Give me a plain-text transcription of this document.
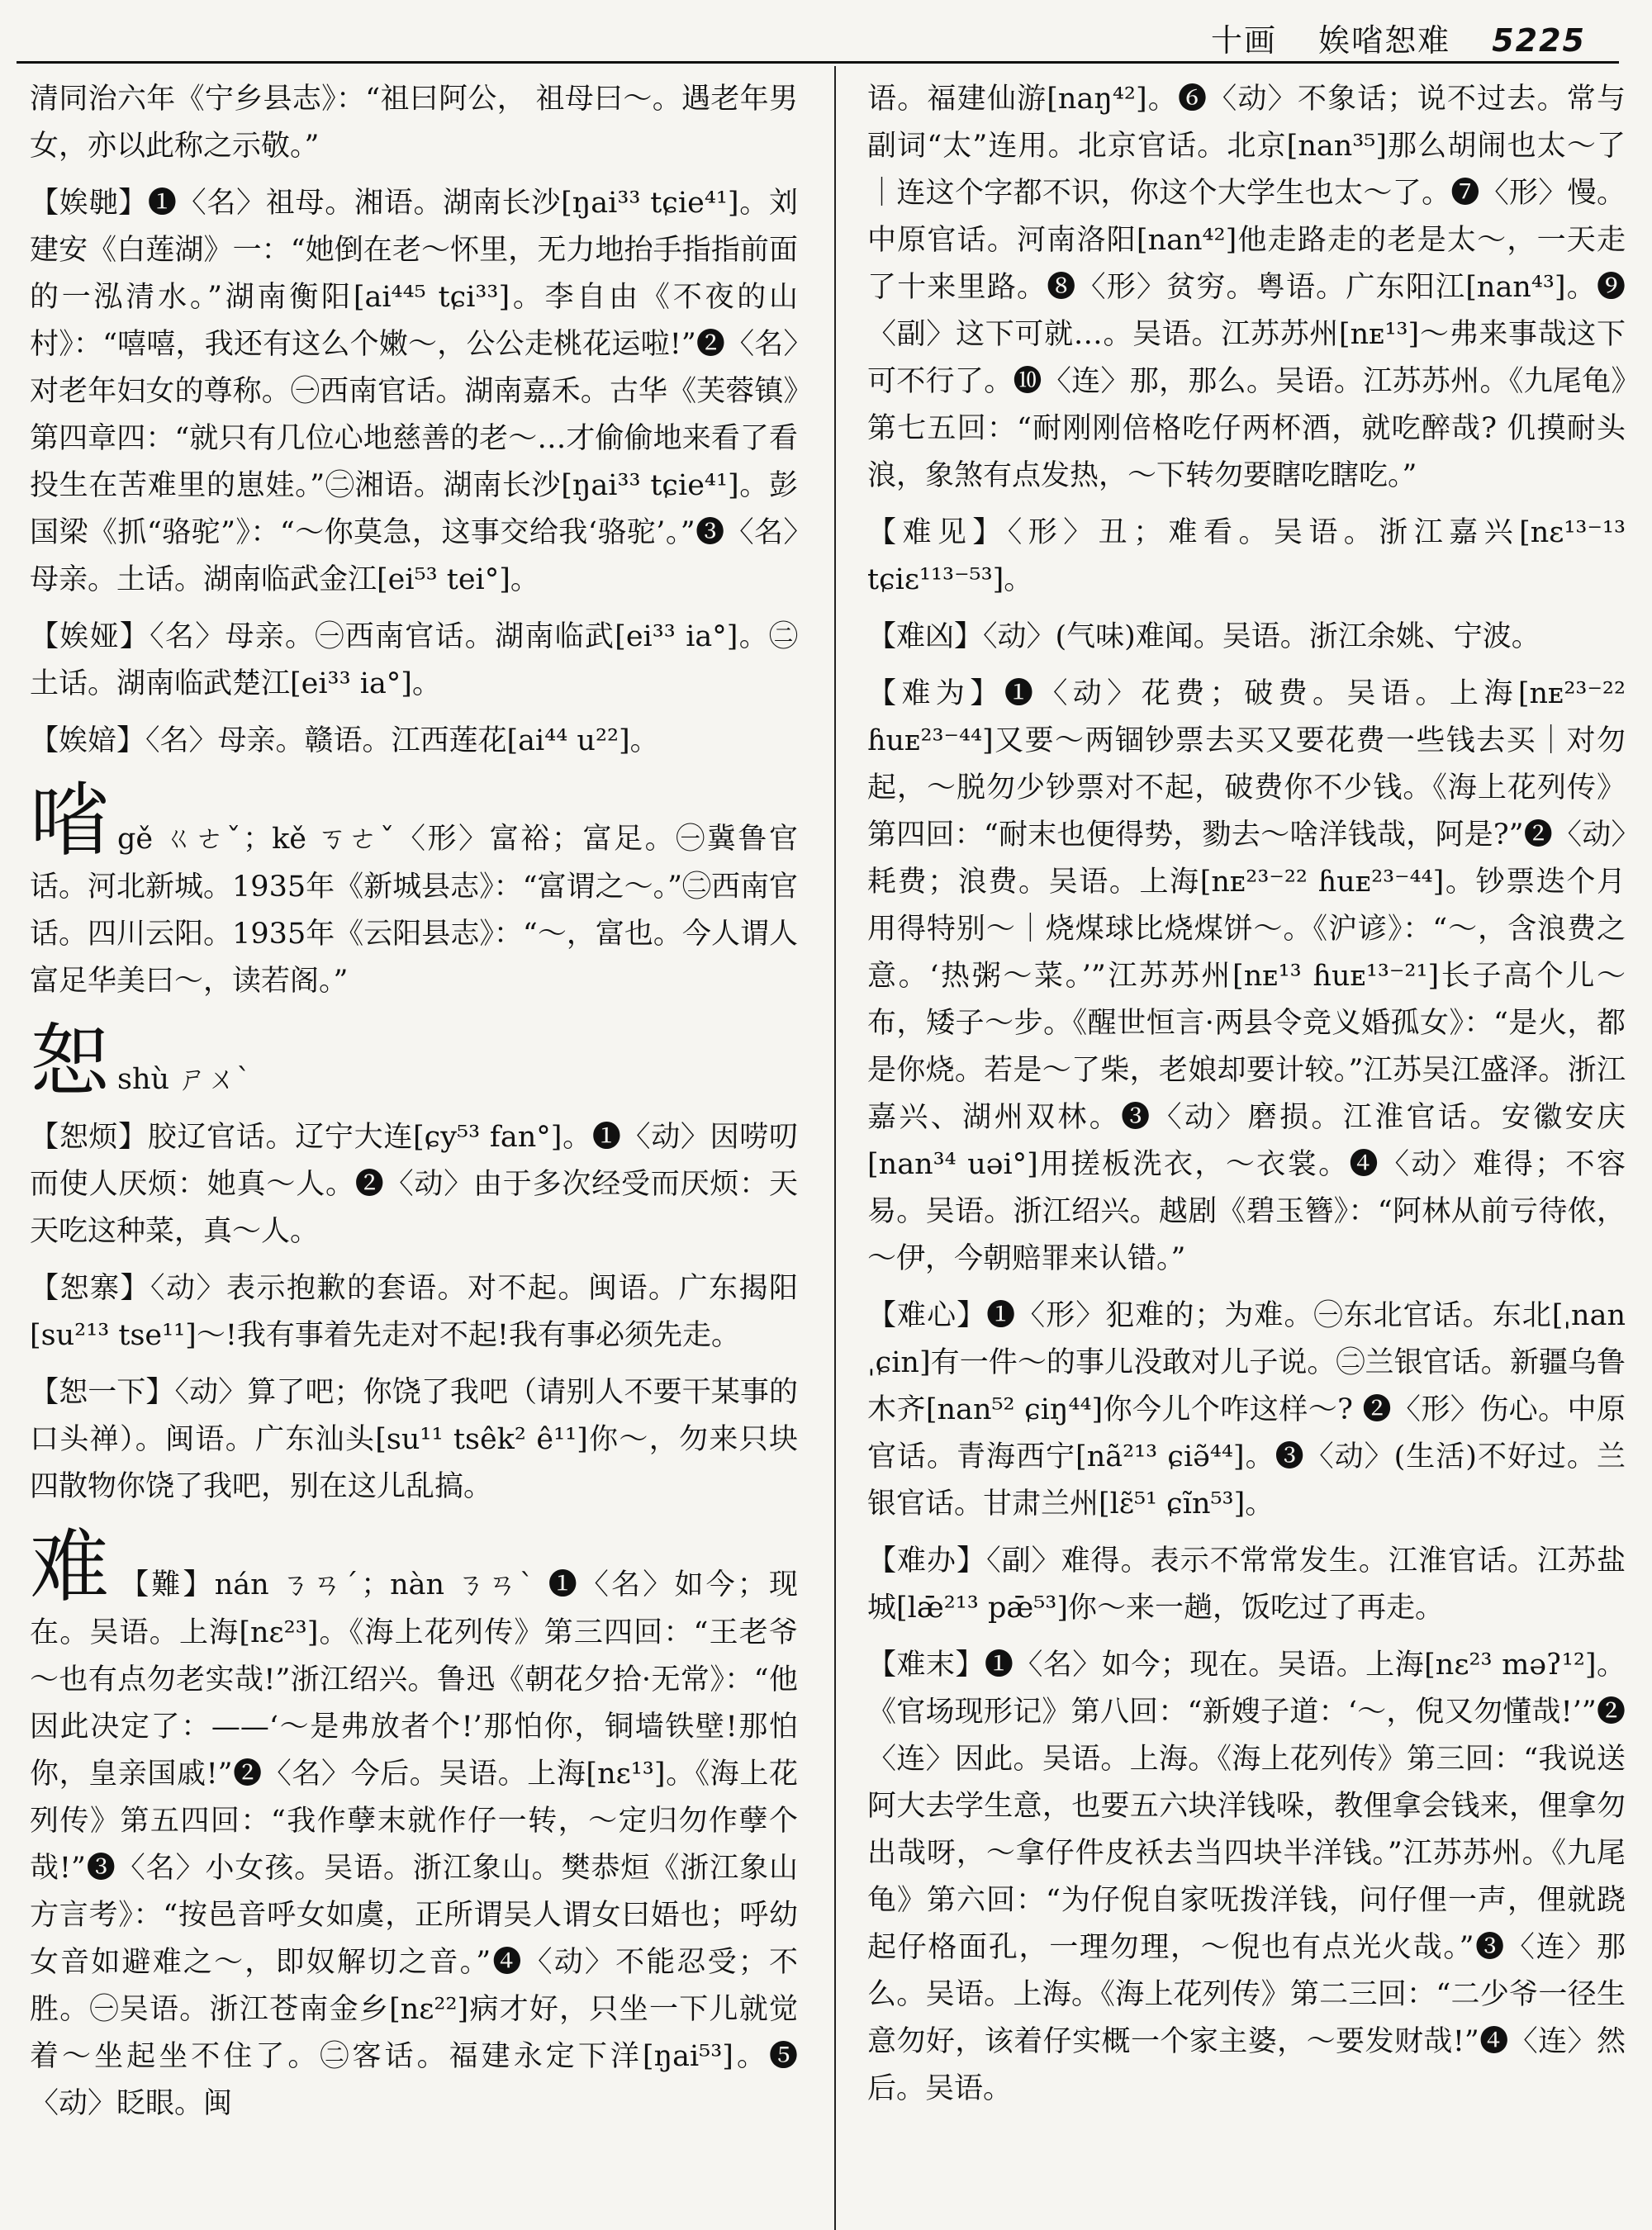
十画 娭㗂恕难 5225
清同治六年《宁乡县志》：“祖曰阿公， 祖母曰～。遇老年男女，亦以此称之示敬。”
【娭毑】❶〈名〉祖母。湘语。湖南长沙[ŋai³³ tɕie⁴¹]。刘建安《白莲湖》一：“她倒在老～怀里，无力地抬手指指前面的一泓清水。”湖南衡阳[ai⁴⁴⁵ tɕi³³]。李自由《不夜的山村》：“嘻嘻，我还有这么个嫩～，公公走桃花运啦!”❷〈名〉对老年妇女的尊称。㊀西南官话。湖南嘉禾。古华《芙蓉镇》第四章四：“就只有几位心地慈善的老～…才偷偷地来看了看投生在苦难里的崽娃。”㊁湘语。湖南长沙[ŋai³³ tɕie⁴¹]。彭国梁《抓“骆驼”》：“～你莫急，这事交给我‘骆驼’。”❸〈名〉母亲。土话。湖南临武金江[ei⁵³ tei°]。
【娭娅】〈名〉母亲。㊀西南官话。湖南临武[ei³³ ia°]。㊁土话。湖南临武楚江[ei³³ ia°]。
【娭㛺】〈名〉母亲。赣语。江西莲花[ai⁴⁴ u²²]。
㗂gě ㄍㄜˇ；kě ㄎㄜˇ〈形〉富裕；富足。㊀冀鲁官话。河北新城。1935年《新城县志》：“富谓之～。”㊁西南官话。四川云阳。1935年《云阳县志》：“～，富也。今人谓人富足华美曰～，读若阁。”
恕shù ㄕㄨˋ
【恕烦】胶辽官话。辽宁大连[ɕy⁵³ fan°]。❶〈动〉因唠叨而使人厌烦：她真～人。❷〈动〉由于多次经受而厌烦：天天吃这种菜，真～人。
【恕寨】〈动〉表示抱歉的套语。对不起。闽语。广东揭阳[su²¹³ tse¹¹]～!我有事着先走对不起!我有事必须先走。
【恕一下】〈动〉算了吧；你饶了我吧（请别人不要干某事的口头禅）。闽语。广东汕头[su¹¹ tsêk² ê¹¹]你～，勿来只块四散物你饶了我吧，别在这儿乱搞。
难 【難】nán ㄋㄢˊ；nàn ㄋㄢˋ ❶〈名〉如今；现在。吴语。上海[nɛ²³]。《海上花列传》第三四回：“王老爷～也有点勿老实哉!”浙江绍兴。鲁迅《朝花夕拾·无常》：“他因此决定了：——‘～是弗放者个!’那怕你，铜墙铁壁!那怕你，皇亲国戚!”❷〈名〉今后。吴语。上海[nɛ¹³]。《海上花列传》第五四回：“我作孽末就作仔一转，～定归勿作孽个哉!”❸〈名〉小女孩。吴语。浙江象山。樊恭烜《浙江象山方言考》：“按邑音呼女如虞，正所谓吴人谓女曰娪也；呼幼女音如避难之～，即奴解切之音。”❹〈动〉不能忍受；不胜。㊀吴语。浙江苍南金乡[nɛ²²]病才好，只坐一下儿就觉着～坐起坐不住了。㊁客话。福建永定下洋[ŋai⁵³]。❺〈动〉眨眼。闽
语。福建仙游[naŋ⁴²]。❻〈动〉不象话；说不过去。常与副词“太”连用。北京官话。北京[nan³⁵]那么胡闹也太～了｜连这个字都不识，你这个大学生也太～了。❼〈形〉慢。中原官话。河南洛阳[nan⁴²]他走路走的老是太～，一天走了十来里路。❽〈形〉贫穷。粤语。广东阳江[nan⁴³]。❾〈副〉这下可就…。吴语。江苏苏州[nᴇ¹³]～弗来事哉这下可不行了。❿〈连〉那，那么。吴语。江苏苏州。《九尾龟》第七五回：“耐刚刚倍格吃仔两杯酒，就吃醉哉? 仉摸耐头浪，象煞有点发热，～下转勿要瞎吃瞎吃。”
【难见】〈形〉丑；难看。吴语。浙江嘉兴[nɛ¹³⁻¹³ tɕiɛ¹¹³⁻⁵³]。
【难凶】〈动〉(气味)难闻。吴语。浙江余姚、宁波。
【难为】❶〈动〉花费；破费。吴语。上海[nᴇ²³⁻²² ɦuᴇ²³⁻⁴⁴]又要～两锢钞票去买又要花费一些钱去买｜对勿起，～脱勿少钞票对不起，破费你不少钱。《海上花列传》第四回：“耐末也便得势，勠去～啥洋钱哉，阿是?”❷〈动〉耗费；浪费。吴语。上海[nᴇ²³⁻²² ɦuᴇ²³⁻⁴⁴]。钞票迭个月用得特别～｜烧煤球比烧煤饼～。《沪谚》：“～，含浪费之意。‘热粥～菜。’”江苏苏州[nᴇ¹³ ɦuᴇ¹³⁻²¹]长子高个儿～布，矮子～步。《醒世恒言·两县令竞义婚孤女》：“是火，都是你烧。若是～了柴，老娘却要计较。”江苏吴江盛泽。浙江嘉兴、湖州双林。❸〈动〉磨损。江淮官话。安徽安庆[nan³⁴ uəi°]用搓板洗衣，～衣裳。❹〈动〉难得；不容易。吴语。浙江绍兴。越剧《碧玉簪》：“阿林从前亏待侬，～伊，今朝赔罪来认错。”
【难心】❶〈形〉犯难的；为难。㊀东北官话。东北[ˌnan ˌɕin]有一件～的事儿没敢对儿子说。㊁兰银官话。新疆乌鲁木齐[nan⁵² ɕiŋ⁴⁴]你今儿个咋这样～? ❷〈形〉伤心。中原官话。青海西宁[nã²¹³ ɕiə̃⁴⁴]。❸〈动〉(生活)不好过。兰银官话。甘肃兰州[lɛ̃⁵¹ ɕĩn⁵³]。
【难办】〈副〉难得。表示不常常发生。江淮官话。江苏盐城[lǣ²¹³ pǣ⁵³]你～来一趟，饭吃过了再走。
【难末】❶〈名〉如今；现在。吴语。上海[nɛ²³ məʔ¹²]。《官场现形记》第八回：“新嫂子道：‘～，倪又勿懂哉!’”❷〈连〉因此。吴语。上海。《海上花列传》第三回：“我说送阿大去学生意，也要五六块洋钱哚，教俚拿会钱来，俚拿勿出哉呀，～拿仔件皮袄去当四块半洋钱。”江苏苏州。《九尾龟》第六回：“为仔倪自家呒拨洋钱，问仔俚一声，俚就跷起仔格面孔，一理勿理，～倪也有点光火哉。”❸〈连〉那么。吴语。上海。《海上花列传》第二三回：“二少爷一径生意勿好，该着仔实概一个家主婆，～要发财哉!”❹〈连〉然后。吴语。
